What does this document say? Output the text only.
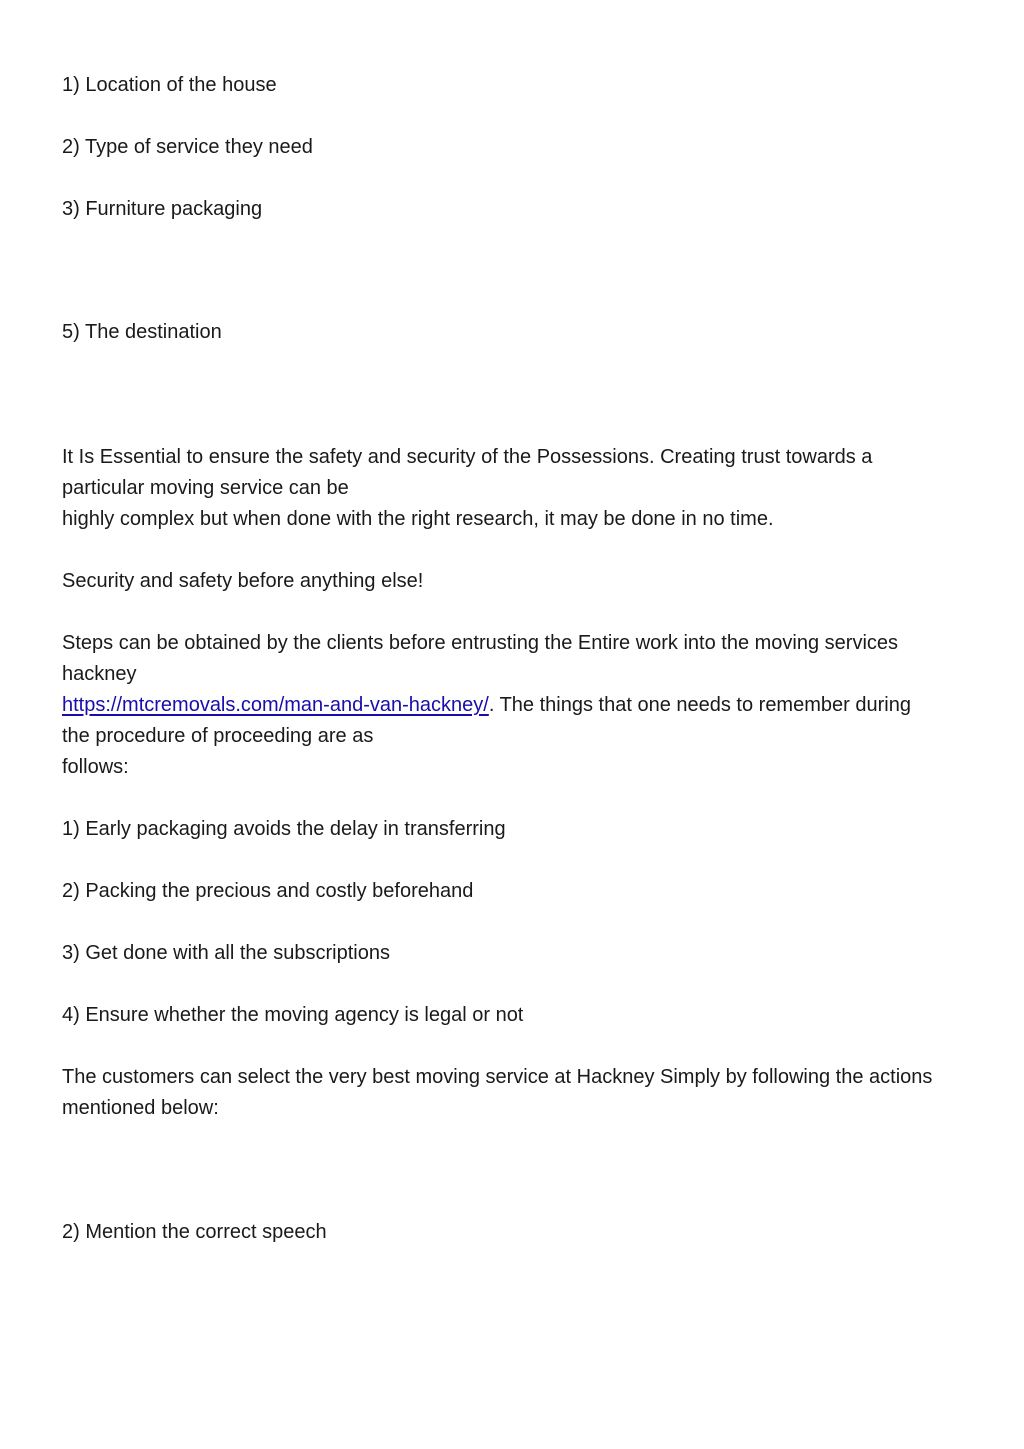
1) Location of the house

2) Type of service they need

3) Furniture packaging

5) The destination

It Is Essential to ensure the safety and security of the Possessions. Creating trust towards a

particular moving service can be

highly complex but when done with the right research, it may be done in no time.

Security and safety before anything else!

Steps can be obtained by the clients before entrusting the Entire work into the moving services

hackney

https://mtcremovals.com/man-and-van-hackney/. The things that one needs to remember during

the procedure of proceeding are as

follows:

1) Early packaging avoids the delay in transferring

2) Packing the precious and costly beforehand

3) Get done with all the subscriptions

4) Ensure whether the moving agency is legal or not

The customers can select the very best moving service at Hackney Simply by following the actions

mentioned below:

2) Mention the correct speech
